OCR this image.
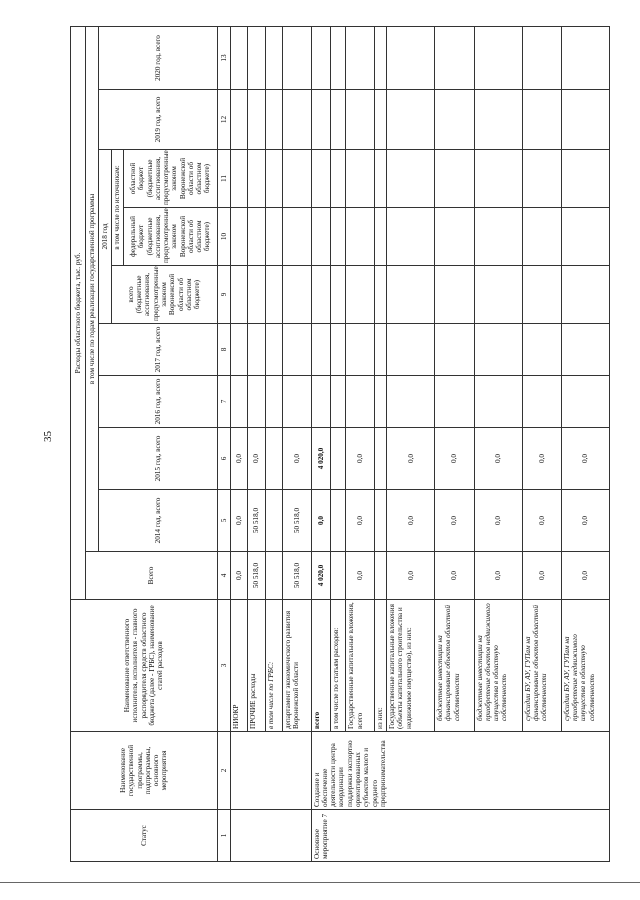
35
Статус	Наименование государственной программы, подпрограммы, основного мероприятия	Наименование ответственного исполнителя, исполнителя - главного распорядителя средств областного бюджета (далее - ГРБС), наименование статей расходов	Расходы областного бюджета, тыс. руб.									
			Всего	в том числе по годам реализации государственной программы								
				2014 год, всего	2015 год, всего	2016 год, всего	2017 год, всего	2018 год			2019 год, всего	2020 год, всего
								всего (бюджетные ассигнования, предусмотренные законом Воронежской области об областном бюджете)	в том числе по источникам:			
									федеральный бюджет (бюджетные ассигнования, предусмотренные законом Воронежской области об областном бюджете)	областной бюджет (бюджетные ассигнования, предусмотренные законом Воронежской области об областном бюджете)		
1	2	3	4	5	6	7	8	9	10	11	12	13
		НИОКР	0,0	0,0	0,0							
		ПРОЧИЕ расходы	50 518,0	50 518,0	0,0							
		в том числе по ГРБС:										
		департамент экономического развития Воронежской области	50 518,0	50 518,0	0,0							
Основное мероприятие 7	Создание и обеспечение деятельности центра координации поддержки экспортно ориентированных субъектов малого и среднего предпринимательства	всего	4 020,0	0,0	4 020,0							
		в том числе по статьям расходов:										
		Государственные капитальные вложения, всего	0,0	0,0	0,0							
		из них:										
		Государственные капитальные вложения (объекты капитального строительства и недвижимое имущество), из них:	0,0	0,0	0,0							
		бюджетные инвестиции на финансирование объектов областной собственности	0,0	0,0	0,0							
		бюджетные инвестиции на приобретение объектов недвижимого имущества в областную собственность	0,0	0,0	0,0							
		субсидии БУ, АУ, ГУПам на финансирование объектов областной собственности	0,0	0,0	0,0							
		субсидии БУ, АУ, ГУПам на приобретение недвижимого имущества в областную собственность	0,0	0,0	0,0							
